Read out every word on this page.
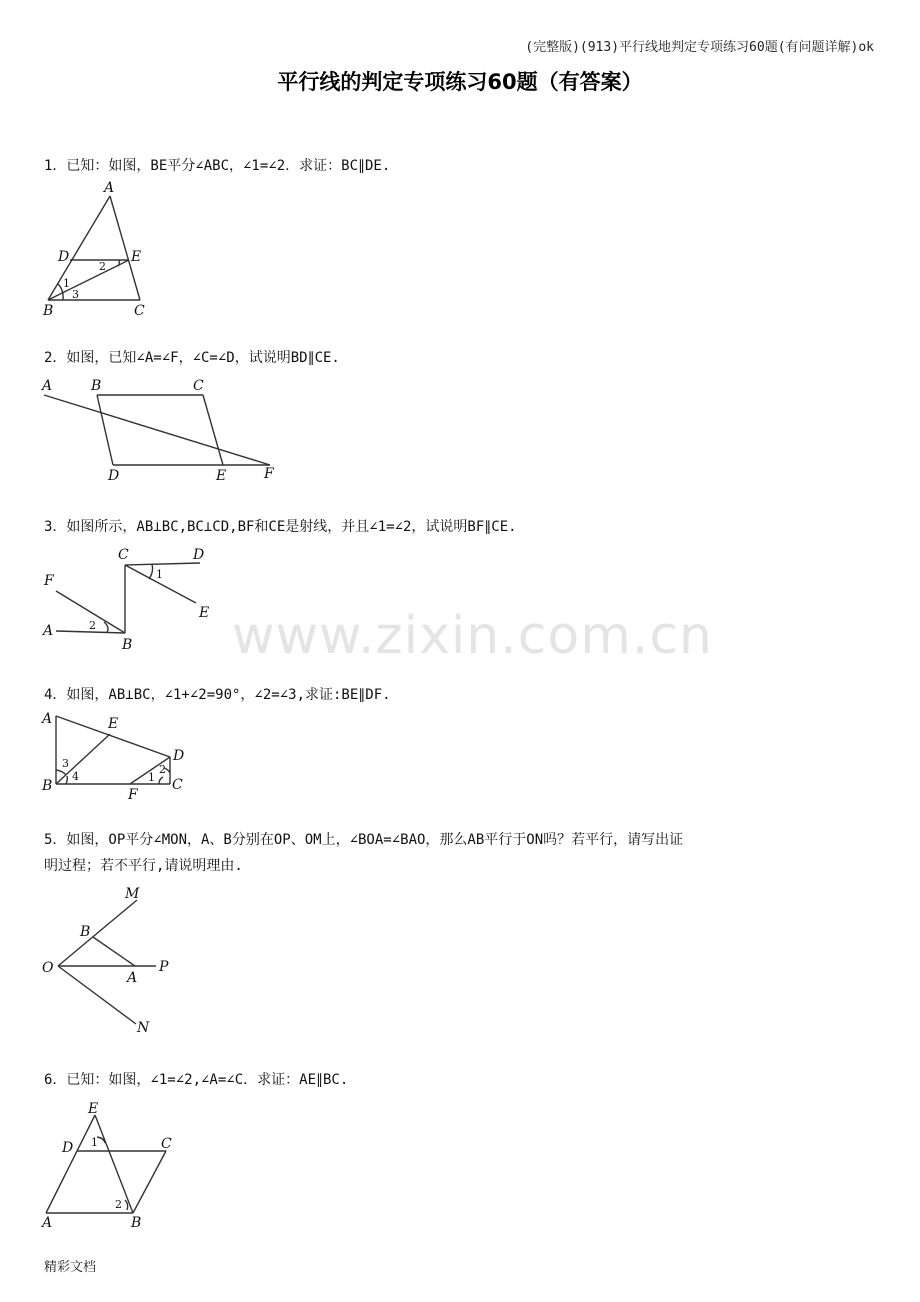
(完整版)(913)平行线地判定专项练习60题(有问题详解)ok
平行线的判定专项练习60题（有答案）
www.zixin.com.cn
1．已知：如图，BE平分∠ABC，∠1=∠2．求证：BC∥DE.
A
D	E
B	C
1
2
3
A	B	C
D	E	F
C	D
F
E
A
B
1
2
A	E
D
B
F
C
1
2
3
4
M
B
O
A
P
N
E
D	C
A	B
1
2
2．如图，已知∠A=∠F，∠C=∠D，试说明BD∥CE.
3．如图所示，AB⊥BC,BC⊥CD,BF和CE是射线，并且∠1=∠2，试说明BF∥CE.
4．如图，AB⊥BC，∠1+∠2=90°，∠2=∠3,求证:BE∥DF.
5．如图，OP平分∠MON，A、B分别在OP、OM上，∠BOA=∠BAO，那么AB平行于ON吗？若平行，请写出证
明过程；若不平行,请说明理由.
6．已知：如图，∠1=∠2,∠A=∠C．求证：AE∥BC.
精彩文档
